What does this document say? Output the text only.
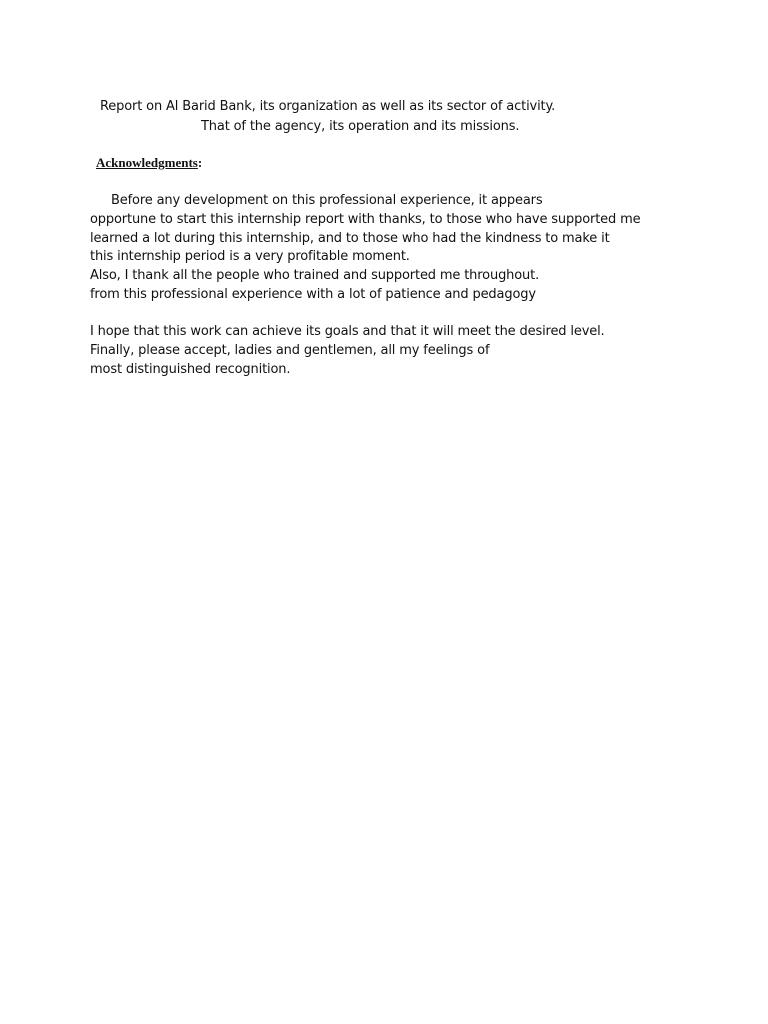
Report on Al Barid Bank, its organization as well as its sector of activity.
That of the agency, its operation and its missions.
Acknowledgments:
Before any development on this professional experience, it appears
opportune to start this internship report with thanks, to those who have supported me
learned a lot during this internship, and to those who had the kindness to make it
this internship period is a very profitable moment.
Also, I thank all the people who trained and supported me throughout.
from this professional experience with a lot of patience and pedagogy
I hope that this work can achieve its goals and that it will meet the desired level.
Finally, please accept, ladies and gentlemen, all my feelings of
most distinguished recognition.
